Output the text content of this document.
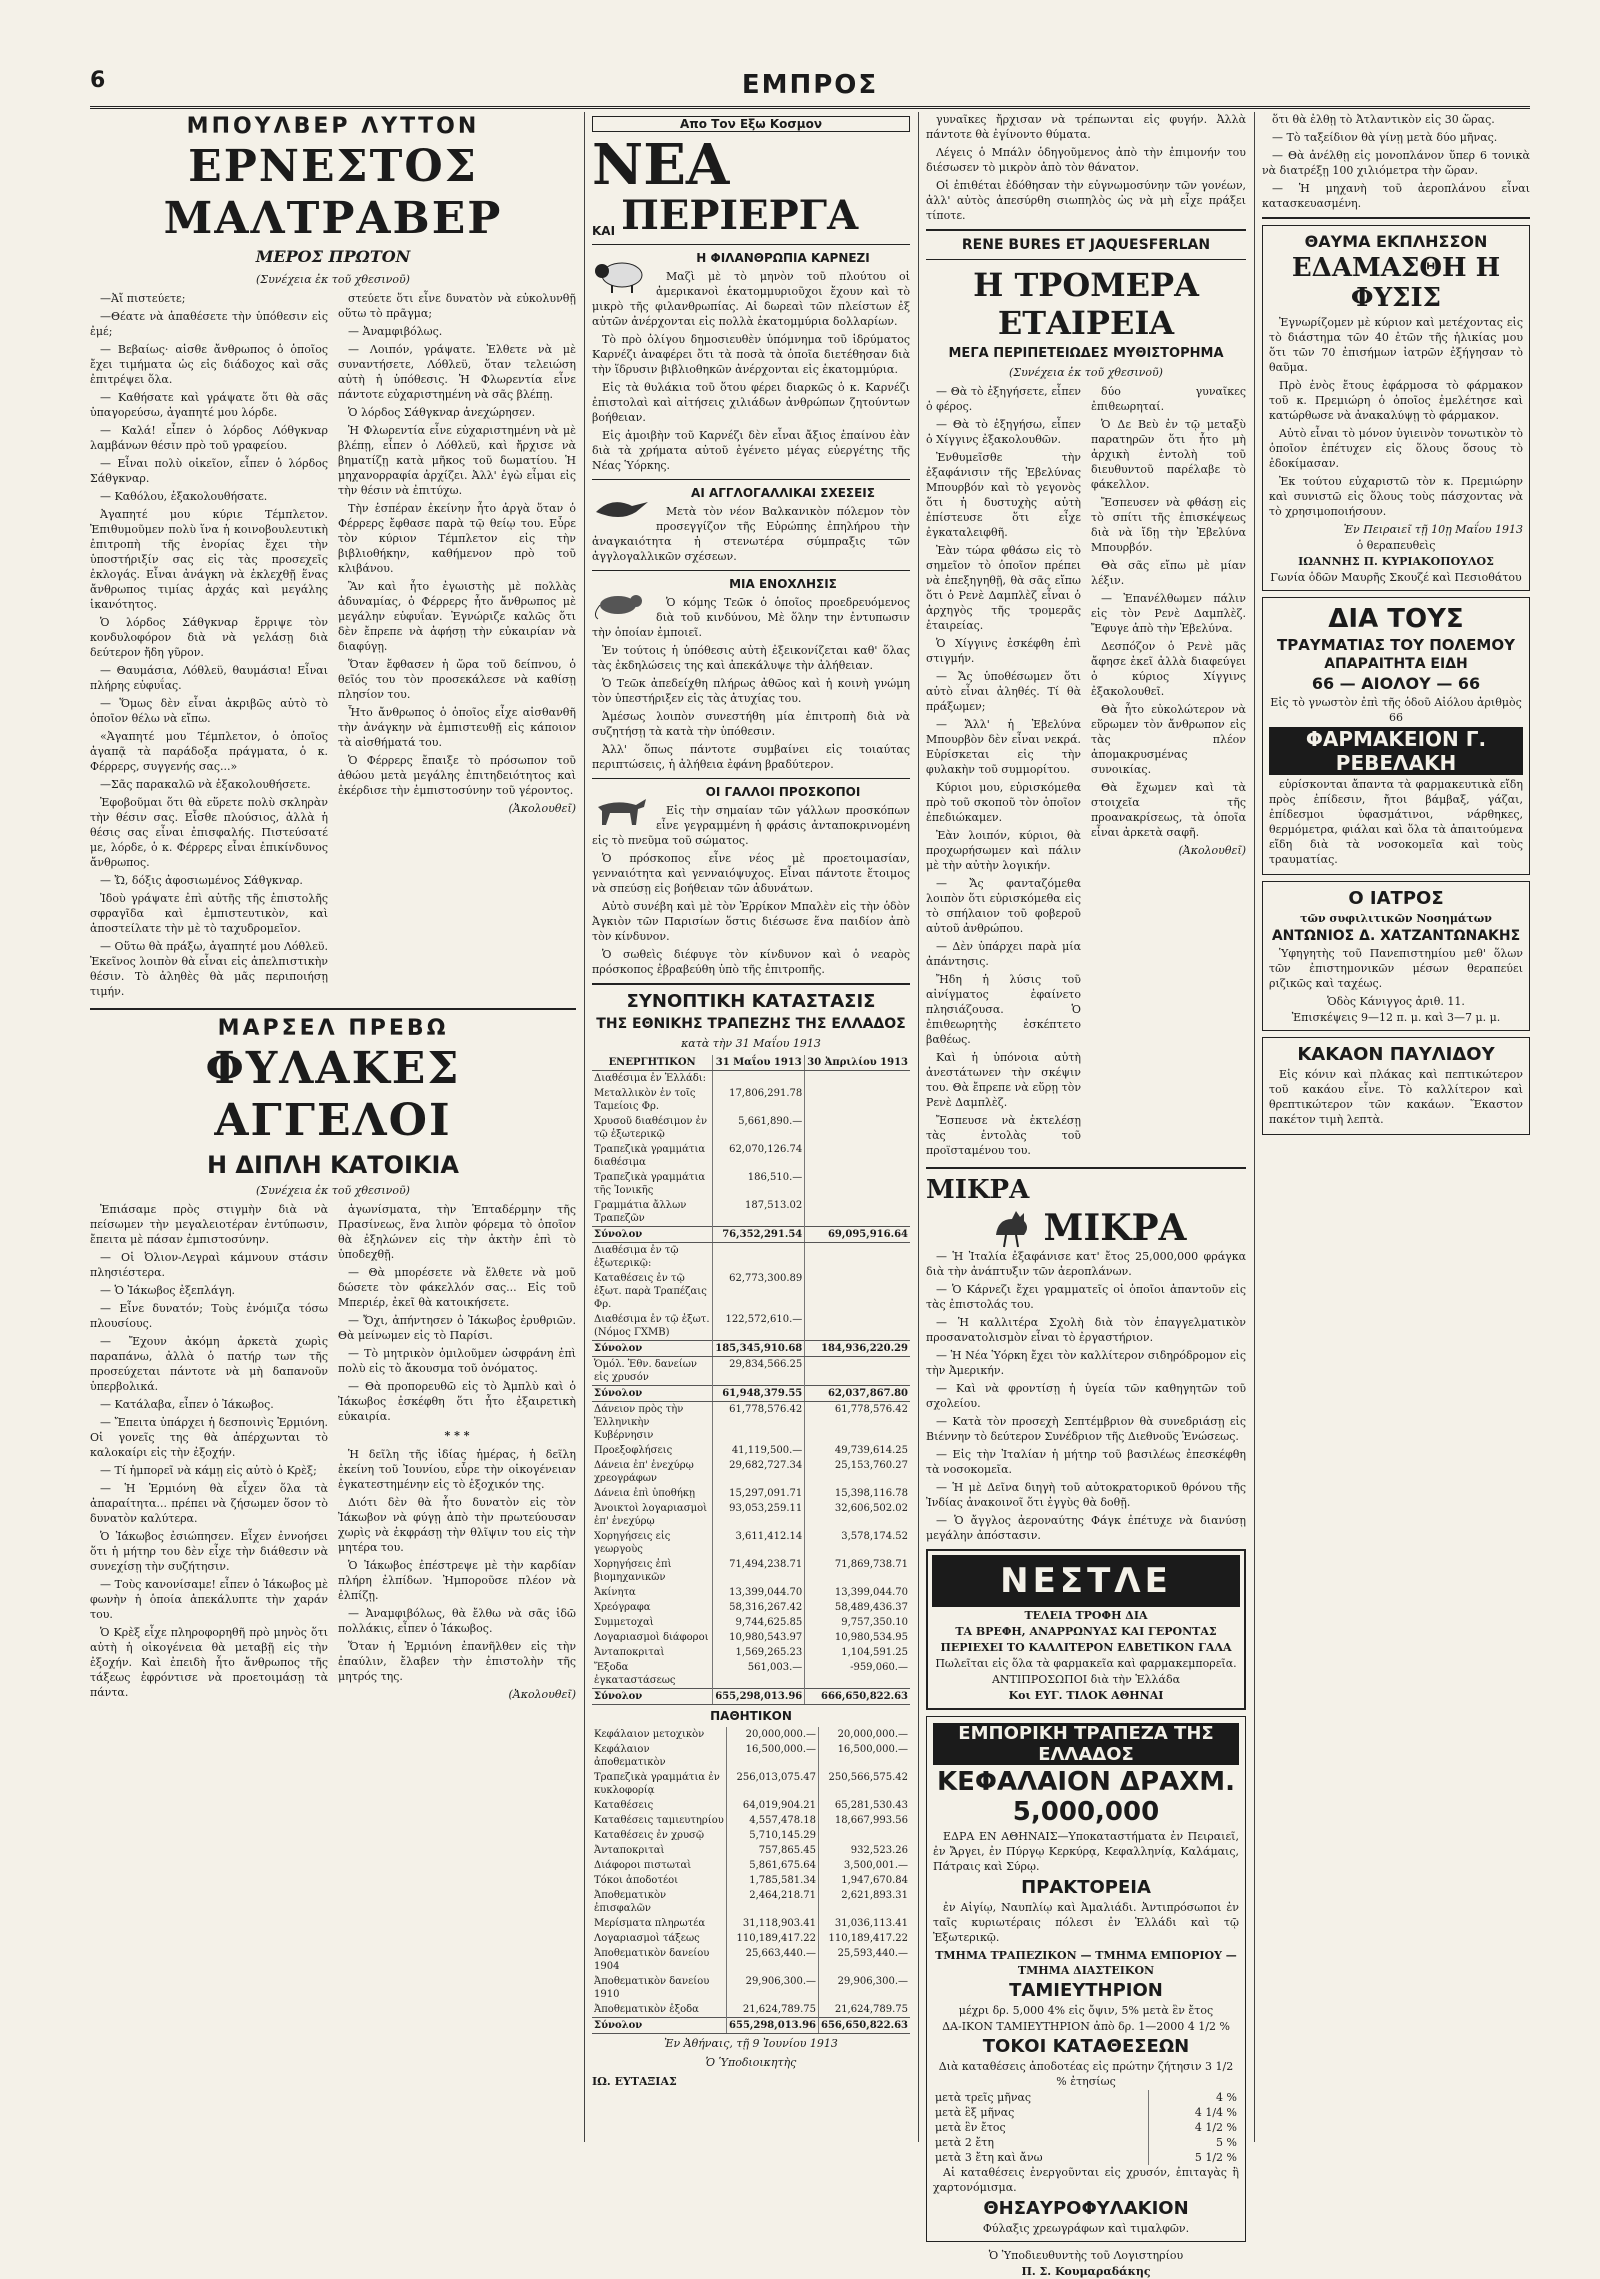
6	ΕΜΠΡΟΣ
ΜΠΟΥΛΒΕΡ ΛΥΤΤΟΝ
ΕΡΝΕΣΤΟΣ ΜΑΛΤΡΑΒΕΡ
ΜΕΡΟΣ ΠΡΩΤΟΝ
(Συνέχεια ἐκ τοῦ χθεσινοῦ)

—Ἀἴ πιστεύετε;

—Θέατε νὰ ἀπαθέσετε τὴν ὑπόθεσιν εἰς ἐμέ;

— Βεβαίως· αἰσθε ἄνθρωπος ὁ ὁποῖος ἔχει τιμήματα ὡς εἰς διάδοχος καὶ σᾶς ἐπιτρέψει ὅλα.

— Καθήσατε καὶ γράψατε ὅτι θὰ σᾶς ὑπαγορεύσω, ἀγαπητέ μου λόρδε.

— Καλά! εἶπεν ὁ λόρδος Λόθγκναρ λαμβάνων θέσιν πρὸ τοῦ γραφείου.

— Εἶναι πολὺ οἰκεῖον, εἶπεν ὁ λόρδος Σάθγκναρ.

— Καθόλου, ἐξακολουθήσατε.

Ἀγαπητέ μου κύριε Τέμπλετον. Ἐπιθυμοῦμεν πολὺ ἵνα ἡ κοινοβουλευτικὴ ἐπιτροπὴ τῆς ἐνορίας ἔχει τὴν ὑποστήριξίν σας εἰς τὰς προσεχεῖς ἐκλογάς. Εἶναι ἀνάγκη νὰ ἐκλεχθῇ ἕνας ἄνθρωπος τιμίας ἀρχάς καὶ μεγάλης ἱκανότητος.

Ὁ λόρδος Σάθγκναρ ἔρριψε τὸν κονδυλοφόρον διὰ νὰ γελάσῃ διὰ δεύτερον ἤδη γῦρον.

— Θαυμάσια, Λόθλεϋ, θαυμάσια! Εἶναι πλήρης εὐφυΐας.

— Ὅμως δὲν εἶναι ἀκριβῶς αὐτὸ τὸ ὁποῖον θέλω νὰ εἴπω.

«Ἀγαπητέ μου Τέμπλετον, ὁ ὁποῖος ἀγαπᾷ τὰ παράδοξα πράγματα, ὁ κ. Φέρρερς, συγγενής σας...»

—Σᾶς παρακαλῶ νὰ ἐξακολουθήσετε.

Ἐφοβοῦμαι ὅτι θὰ εὕρετε πολὺ σκληρὰν τὴν θέσιν σας. Εἶσθε πλούσιος, ἀλλὰ ἡ θέσις σας εἶναι ἐπισφαλής. Πιστεύσατέ με, λόρδε, ὁ κ. Φέρρερς εἶναι ἐπικίνδυνος ἄνθρωπος.

— Ὤ, δόξις ἀφοσιωμένος Σάθγκναρ.

Ἰδοὺ γράψατε ἐπὶ αὐτῆς τῆς ἐπιστολῆς σφραγῖδα καὶ ἐμπιστευτικὸν, καὶ ἀποστείλατε τὴν μὲ τὸ ταχυδρομεῖον.

— Οὕτω θὰ πράξω, ἀγαπητέ μου Λόθλεϋ. Ἐκεῖνος λοιπὸν θὰ εἶναι εἰς ἀπελπιστικὴν θέσιν. Τὸ ἀληθὲς θὰ μᾶς περιποιήσῃ τιμήν.

στεύετε ὅτι εἶνε δυνατὸν νὰ εὐκολυνθῇ οὕτω τὸ πρᾶγμα;

— Ἀναμφιβόλως.

— Λοιπόν, γράψατε. Ἐλθετε νὰ μὲ συναντήσετε, Λόθλεϋ, ὅταν τελειώση αὐτὴ ἡ ὑπόθεσις. Ἡ Φλωρεντία εἶνε πάντοτε εὐχαριστημένη νὰ σᾶς βλέπῃ.

Ὁ λόρδος Σάθγκναρ ἀνεχώρησεν.

Ἡ Φλωρεντία εἶνε εὐχαριστημένη νὰ μὲ βλέπῃ, εἶπεν ὁ Λόθλεϋ, καὶ ἤρχισε νὰ βηματίζῃ κατὰ μῆκος τοῦ δωματίου. Ἡ μηχανορραφία ἀρχίζει. Ἀλλ' ἐγὼ εἶμαι εἰς τὴν θέσιν νὰ ἐπιτύχω.

Τὴν ἑσπέραν ἐκείνην ἦτο ἀργὰ ὅταν ὁ Φέρρερς ἔφθασε παρὰ τῷ θείῳ του. Εὗρε τὸν κύριον Τέμπλετον εἰς τὴν βιβλιοθήκην, καθήμενον πρὸ τοῦ κλιβάνου.

Ἂν καὶ ἦτο ἐγωιστὴς μὲ πολλὰς ἀδυναμίας, ὁ Φέρρερς ἦτο ἄνθρωπος μὲ μεγάλην εὐφυΐαν. Ἐγνώριζε καλῶς ὅτι δὲν ἔπρεπε νὰ ἀφήσῃ τὴν εὐκαιρίαν νὰ διαφύγῃ.

Ὅταν ἔφθασεν ἡ ὥρα τοῦ δείπνου, ὁ θεῖός του τὸν προσεκάλεσε νὰ καθίσῃ πλησίον του.

Ἦτο ἄνθρωπος ὁ ὁποῖος εἶχε αἰσθανθῆ τὴν ἀνάγκην νὰ ἐμπιστευθῇ εἰς κάποιον τὰ αἰσθήματά του.

Ὁ Φέρρερς ἔπαιξε τὸ πρόσωπον τοῦ ἀθώου μετὰ μεγάλης ἐπιτηδειότητος καὶ ἐκέρδισε τὴν ἐμπιστοσύνην τοῦ γέροντος.

(Ἀκολουθεῖ)
ΜΑΡΣΕΛ ΠΡΕΒΩ
ΦΥΛΑΚΕΣ ΑΓΓΕΛΟΙ
Η ΔΙΠΛΗ ΚΑΤΟΙΚΙΑ
(Συνέχεια ἐκ τοῦ χθεσινοῦ)

Ἐπιάσαμε πρὸς στιγμὴν διὰ νὰ πείσωμεν τὴν μεγαλειοτέραν ἐντύπωσιν, ἔπειτα μὲ πάσαν ἐμπιστοσύνην.

— Οἱ Ὀλιον-Λεγραὶ κάμνουν στάσιν πλησιέστερα.

— Ὁ Ἰάκωβος ἐξεπλάγη.

— Εἶνε δυνατόν; Τοὺς ἐνόμιζα τόσω πλουσίους.

— Ἔχουν ἀκόμη ἀρκετὰ χωρὶς παραπάνω, ἀλλὰ ὁ πατήρ των τῆς προσεύχεται πάντοτε νὰ μὴ δαπανοῦν ὑπερβολικά.

— Κατάλαβα, εἶπεν ὁ Ἰάκωβος.

— Ἔπειτα ὑπάρχει ἡ δεσποινὶς Ἑρμιόνη. Οἱ γονεῖς της θὰ ἀπέρχωνται τὸ καλοκαίρι εἰς τὴν ἐξοχήν.

— Τί ἠμπορεῖ νὰ κάμῃ εἰς αὐτὸ ὁ Κρὲξ;

— Ἡ Ἑρμιόνη θὰ εἶχεν ὅλα τὰ ἀπαραίτητα... πρέπει νὰ ζήσωμεν ὅσον τὸ δυνατὸν καλύτερα.

Ὁ Ἰάκωβος ἐσιώπησεν. Εἶχεν ἐννοήσει ὅτι ἡ μήτηρ του δὲν εἶχε τὴν διάθεσιν νὰ συνεχίσῃ τὴν συζήτησιν.

— Τοὺς κανονίσαμε! εἶπεν ὁ Ἰάκωβος μὲ φωνὴν ἡ ὁποία ἀπεκάλυπτε τὴν χαράν του.

Ὁ Κρὲξ εἶχε πληροφορηθῆ πρὸ μηνὸς ὅτι αὐτὴ ἡ οἰκογένεια θὰ μεταβῇ εἰς τὴν ἐξοχήν. Καὶ ἐπειδὴ ἦτο ἄνθρωπος τῆς τάξεως ἐφρόντισε νὰ προετοιμάσῃ τὰ πάντα.

ἀγωνίσματα, τὴν Ἑπταδέρμην τῆς Πρασίνεως, ἕνα λιπὸν φόρεμα τὸ ὁποῖον θὰ ἐξηλώνεν εἰς τὴν ἀκτὴν ἐπὶ τὸ ὑποδεχθῇ.

— Θὰ μπορέσετε νὰ ἔλθετε νὰ μοῦ δώσετε τὸν φάκελλόν σας... Εἰς τοῦ Μπεριέρ, ἐκεῖ θὰ κατοικήσετε.

— Ὄχι, ἀπήντησεν ὁ Ἰάκωβος ἐρυθριῶν. Θὰ μείνωμεν εἰς τὸ Παρίσι.

— Τὸ μητρικὸν ὁμιλοῦμεν ὡσφράνη ἐπὶ πολὺ εἰς τὸ ἄκουσμα τοῦ ὀνόματος.

— Θὰ προπορευθῶ εἰς τὸ Ἀμπλὺ καὶ ὁ Ἰάκωβος ἐσκέφθη ὅτι ἦτο ἐξαιρετικὴ εὐκαιρία.

* * *

Ἡ δεῖλη τῆς ἰδίας ἡμέρας, ἡ δεῖλη ἐκείνη τοῦ Ἰουνίου, εὗρε τὴν οἰκογένειαν ἐγκατεστημένην εἰς τὸ ἐξοχικόν της.

Διότι δὲν θὰ ἦτο δυνατὸν εἰς τὸν Ἰάκωβον νὰ φύγῃ ἀπὸ τὴν πρωτεύουσαν χωρὶς νὰ ἐκφράσῃ τὴν θλῖψιν του εἰς τὴν μητέρα του.

Ὁ Ἰάκωβος ἐπέστρεψε μὲ τὴν καρδίαν πλήρη ἐλπίδων. Ἠμποροῦσε πλέον νὰ ἐλπίζῃ.

— Ἀναμφιβόλως, θὰ ἔλθω νὰ σᾶς ἰδῶ πολλάκις, εἶπεν ὁ Ἰάκωβος.

Ὅταν ἡ Ἑρμιόνη ἐπανῆλθεν εἰς τὴν ἐπαύλιν, ἔλαβεν τὴν ἐπιστολὴν τῆς μητρός της.

(Ἀκολουθεῖ)
Απο Τον Εξω Κοσμον
ΝΕΑ
ΚΑΙ ΠΕΡΙΕΡΓΑ
Η ΦΙΛΑΝΘΡΩΠΙΑ ΚΑΡΝΕΖΙ

Μαζὶ μὲ τὸ μηνὸν τοῦ πλούτου οἱ ἀμερικανοὶ ἑκατομμυριοῦχοι ἔχουν καὶ τὸ μικρὸ τῆς φιλανθρωπίας. Αἱ δωρεαὶ τῶν πλείστων ἐξ αὐτῶν ἀνέρχονται εἰς πολλὰ ἑκατομμύρια δολλαρίων.

Τὸ πρὸ ὀλίγου δημοσιευθὲν ὑπόμνημα τοῦ ἱδρύματος Καρνέζι ἀναφέρει ὅτι τὰ ποσὰ τὰ ὁποῖα διετέθησαν διὰ τὴν ἵδρυσιν βιβλιοθηκῶν ἀνέρχονται εἰς ἑκατομμύρια.

Εἰς τὰ θυλάκια τοῦ ὅτου φέρει διαρκῶς ὁ κ. Καρνέζι ἐπιστολαὶ καὶ αἰτήσεις χιλιάδων ἀνθρώπων ζητούντων βοήθειαν.

Εἰς ἀμοιβὴν τοῦ Καρνέζι δὲν εἶναι ἄξιος ἐπαίνου ἐὰν διὰ τὰ χρήματα αὐτοῦ ἐγένετο μέγας εὐεργέτης τῆς Νέας Ὑόρκης.

ΑΙ ΑΓΓΛΟΓΑΛΛΙΚΑΙ ΣΧΕΣΕΙΣ

Μετὰ τὸν νέον Βαλκανικὸν πόλεμον τὸν προσεγγίζον τῆς Εὐρώπης ἐπηλήρου τὴν ἀναγκαιότητα ἡ στενωτέρα σύμπραξις τῶν ἀγγλογαλλικῶν σχέσεων.

ΜΙΑ ΕΝΟΧΛΗΣΙΣ

Ὁ κόμης Τεῶκ ὁ ὁποῖος προεδρευόμενος διὰ τοῦ κινδύνου, Μὲ ὅλην την ἐντυπωσιν τὴν ὁποίαν ἐμποιεῖ.

Ἐν τούτοις ἡ ὑπόθεσις αὐτὴ ἐξεικονίζεται καθ' ὅλας τὰς ἐκδηλώσεις της καὶ ἀπεκάλυψε τὴν ἀλήθειαν.

Ὁ Τεῶκ ἀπεδείχθη πλήρως ἀθῶος καὶ ἡ κοινὴ γνώμη τὸν ὑπεστήριξεν εἰς τὰς ἀτυχίας του.

Ἁμέσως λοιπὸν συνεστήθη μία ἐπιτροπὴ διὰ νὰ συζητήσῃ τὰ κατὰ τὴν ὑπόθεσιν.

Ἀλλ' ὅπως πάντοτε συμβαίνει εἰς τοιαύτας περιπτώσεις, ἡ ἀλήθεια ἐφάνη βραδύτερον.

ΟΙ ΓΑΛΛΟΙ ΠΡΟΣΚΟΠΟΙ

Εἰς τὴν σημαίαν τῶν γάλλων προσκόπων εἶνε γεγραμμένη ἡ φράσις ἀνταποκρινομένη εἰς τὸ πνεῦμα τοῦ σώματος.

Ὁ πρόσκοπος εἶνε νέος μὲ προετοιμασίαν, γενναιότητα καὶ γενναιόψυχος. Εἶναι πάντοτε ἕτοιμος νὰ σπεύσῃ εἰς βοήθειαν τῶν ἀδυνάτων.

Αὐτὸ συνέβη καὶ μὲ τὸν Ἐρρίκον Μπαλὲν εἰς τὴν ὁδὸν Ἀγκιὸν τῶν Παρισίων ὅστις διέσωσε ἕνα παιδίον ἀπὸ τὸν κίνδυνον.

Ὁ σωθεὶς διέφυγε τὸν κίνδυνον καὶ ὁ νεαρὸς πρόσκοπος ἐβραβεύθη ὑπὸ τῆς ἐπιτροπῆς.

ΣΥΝΟΠΤΙΚΗ ΚΑΤΑΣΤΑΣΙΣ
ΤΗΣ ΕΘΝΙΚΗΣ ΤΡΑΠΕΖΗΣ ΤΗΣ ΕΛΛΑΔΟΣ
κατὰ τὴν 31 Μαΐου 1913
ΕΝΕΡΓΗΤΙΚΟΝ	31 Μαΐου 1913	30 Ἀπριλίου 1913
Διαθέσιμα ἐν Ἑλλάδι:		
Μεταλλικὸν ἐν τοῖς Ταμείοις Φρ.	17,806,291.78	
Χρυσοῦ διαθέσιμον ἐν τῷ ἐξωτερικῷ	5,661,890.—	
Τραπεζικὰ γραμμάτια διαθέσιμα	62,070,126.74	
Τραπεζικὰ γραμμάτια τῆς Ἰονικῆς	186,510.—	
Γραμμάτια ἄλλων Τραπεζῶν	187,513.02	
Σύνολον	76,352,291.54	69,095,916.64
Διαθέσιμα ἐν τῷ ἐξωτερικῷ:		
Καταθέσεις ἐν τῷ ἐξωτ. παρὰ Τραπέζαις Φρ.	62,773,300.89	
Διαθέσιμα ἐν τῷ ἐξωτ. (Νόμος ΓΧΜΒ)	122,572,610.—	
Σύνολον	185,345,910.68	184,936,220.29
Ὁμόλ. Ἐθν. δανείων εἰς χρυσόν	29,834,566.25	
Σύνολον	61,948,379.55	62,037,867.80
Δάνειον πρὸς τὴν Ἑλληνικὴν Κυβέρνησιν	61,778,576.42	61,778,576.42
Προεξοφλήσεις	41,119,500.—	49,739,614.25
Δάνεια ἐπ' ἐνεχύρῳ χρεογράφων	29,682,727.34	25,153,760.27
Δάνεια ἐπὶ ὑποθήκῃ	15,297,091.71	15,398,116.78
Ἀνοικτοὶ λογαριασμοὶ ἐπ' ἐνεχύρῳ	93,053,259.11	32,606,502.02
Χορηγήσεις εἰς γεωργοὺς	3,611,412.14	3,578,174.52
Χορηγήσεις ἐπὶ βιομηχανικῶν	71,494,238.71	71,869,738.71
Ἀκίνητα	13,399,044.70	13,399,044.70
Χρεόγραφα	58,316,267.42	58,489,436.37
Συμμετοχαὶ	9,744,625.85	9,757,350.10
Λογαριασμοὶ διάφοροι	10,980,543.97	10,980,534.95
Ἀνταποκριταὶ	1,569,265.23	1,104,591.25
Ἔξοδα ἐγκαταστάσεως	561,003.—	-959,060.—
Σύνολον	655,298,013.96	666,650,822.63
ΠΑΘΗΤΙΚΟΝ
Κεφάλαιον μετοχικὸν	20,000,000.—	20,000,000.—
Κεφάλαιον ἀποθεματικὸν	16,500,000.—	16,500,000.—
Τραπεζικὰ γραμμάτια ἐν κυκλοφορίᾳ	256,013,075.47	250,566,575.42
Καταθέσεις	64,019,904.21	65,281,530.43
Καταθέσεις ταμιευτηρίου	4,557,478.18	18,667,993.56
Καταθέσεις ἐν χρυσῷ	5,710,145.29	
Ἀνταποκριταὶ	757,865.45	932,523.26
Διάφοροι πιστωταὶ	5,861,675.64	3,500,001.—
Τόκοι ἀποδοτέοι	1,785,581.34	1,947,670.84
Ἀποθεματικὸν ἐπισφαλῶν	2,464,218.71	2,621,893.31
Μερίσματα πληρωτέα	31,118,903.41	31,036,113.41
Λογαριασμοὶ τάξεως	110,189,417.22	110,189,417.22
Ἀποθεματικὸν δανείου 1904	25,663,440.—	25,593,440.—
Ἀποθεματικὸν δανείου 1910	29,906,300.—	29,906,300.—
Ἀποθεματικὸν ἐξοδα	21,624,789.75	21,624,789.75
Σύνολον	655,298,013.96	656,650,822.63
Ἐν Ἀθήναις, τῇ 9 Ἰουνίου 1913
Ὁ Ὑποδιοικητὴς
ΙΩ. ΕΥΤΑΞΙΑΣ

γυναῖκες ἤρχισαν νὰ τρέπωνται εἰς φυγήν. Ἀλλὰ πάντοτε θὰ ἐγίνοντο θύματα.

Λέγεις ὁ Μπάλν ὁδηγοῦμενος ἀπὸ τὴν ἐπιμονήν του διέσωσεν τὸ μικρὸν ἀπὸ τὸν θάνατον.

Οἱ ἐπιθέται ἐδόθησαν τὴν εὐγνωμοσύνην τῶν γονέων, ἀλλ' αὐτὸς ἀπεσύρθη σιωπηλὸς ὡς νὰ μὴ εἶχε πράξει τίποτε.

RENE BURES ET JAQUESFERLAN
Η ΤΡΟΜΕΡΑ ΕΤΑΙΡΕΙΑ
ΜΕΓΑ ΠΕΡΙΠΕΤΕΙΩΔΕΣ ΜΥΘΙΣΤΟΡΗΜΑ
(Συνέχεια ἐκ τοῦ χθεσινοῦ)

— Θὰ τὸ ἐξηγήσετε, εἶπεν ὁ φέρος.

— Θὰ τὸ ἐξηγήσω, εἶπεν ὁ Χίγγινς ἐξακολουθῶν.

Ἐνθυμεῖσθε τὴν ἐξαφάνισιν τῆς Ἐβελύνας Μπουρβόν καὶ τὸ γεγονὸς ὅτι ἡ δυστυχὴς αὐτὴ ἐπίστευσε ὅτι εἶχε ἐγκαταλειφθῆ.

Ἐὰν τώρα φθάσω εἰς τὸ σημεῖον τὸ ὁποῖον πρέπει νὰ ἐπεξηγηθῇ, θὰ σᾶς εἴπω ὅτι ὁ Ρενὲ Δαμπλὲζ εἶναι ὁ ἀρχηγὸς τῆς τρομερᾶς ἑταιρείας.

Ὁ Χίγγινς ἐσκέφθη ἐπὶ στιγμήν.

— Ἄς ὑποθέσωμεν ὅτι αὐτὸ εἶναι ἀληθές. Τί θὰ πράξωμεν;

— Ἄλλ' ἡ Ἐβελύνα Μπουρβὸν δὲν εἶναι νεκρά. Εὑρίσκεται εἰς τὴν φυλακὴν τοῦ συμμορίτου.

Κύριοι μου, εὑρισκόμεθα πρὸ τοῦ σκοποῦ τὸν ὁποῖον ἐπεδιώκαμεν.

Ἐὰν λοιπόν, κύριοι, θὰ προχωρήσωμεν καὶ πάλιν μὲ τὴν αὐτὴν λογικήν.

— Ἄς φανταζόμεθα λοιπὸν ὅτι εὑρισκόμεθα εἰς τὸ σπήλαιον τοῦ φοβεροῦ αὐτοῦ ἀνθρώπου.

— Δὲν ὑπάρχει παρὰ μία ἀπάντησις.

Ἤδη ἡ λύσις τοῦ αἰνίγματος ἐφαίνετο πλησιάζουσα. Ὁ ἐπιθεωρητὴς ἐσκέπτετο βαθέως.

Καὶ ἡ ὑπόνοια αὐτὴ ἀνεστάτωνεν τὴν σκέψιν του. Θὰ ἔπρεπε νὰ εὕρῃ τὸν Ρενὲ Δαμπλὲζ.

Ἔσπευσε νὰ ἐκτελέσῃ τὰς ἐντολὰς τοῦ προϊσταμένου του.

δύο γυναῖκες ἐπιθεωρηταί.

Ὁ Δε Βεὺ ἐν τῷ μεταξὺ παρατηρῶν ὅτι ἦτο μὴ ἀρχικὴ ἐντολὴ τοῦ διευθυντοῦ παρέλαβε τὸ φάκελλον.

Ἔσπευσεν νὰ φθάσῃ εἰς τὸ σπίτι τῆς ἐπισκέψεως διὰ νὰ ἴδῃ τὴν Ἐβελύνα Μπουρβόν.

Θὰ σᾶς εἴπω μὲ μίαν λέξιν.

— Ἐπανέλθωμεν πάλιν εἰς τὸν Ρενὲ Δαμπλὲζ. Ἔφυγε ἀπὸ τὴν Ἐβελύνα.

Δεσπόζον ὁ Ρενὲ μᾶς ἄφησε ἐκεῖ ἀλλὰ διαφεύγει ὁ κύριος Χίγγινς ἐξακολουθεῖ.

Θὰ ἦτο εὐκολώτερον νὰ εὕρωμεν τὸν ἄνθρωπον εἰς τὰς πλέον ἀπομακρυσμένας συνοικίας.

Θὰ ἔχωμεν καὶ τὰ στοιχεῖα τῆς προανακρίσεως, τὰ ὁποῖα εἶναι ἀρκετὰ σαφῆ.

(Ἀκολουθεῖ)
ΜΙΚΡΑ
ΜΙΚΡΑ

— Ἡ Ἰταλία ἐξαφάνισε κατ' ἔτος 25,000,000 φράγκα διὰ τὴν ἀνάπτυξιν τῶν ἀεροπλάνων.

— Ὁ Κάρνεζι ἔχει γραμματεῖς οἱ ὁποῖοι ἀπαντοῦν εἰς τὰς ἐπιστολάς του.

— Ἡ καλλιτέρα Σχολὴ διὰ τὸν ἐπαγγελματικὸν προσανατολισμὸν εἶναι τὸ ἐργαστήριον.

— Ἡ Νέα Ὑόρκη ἔχει τὸν καλλίτερον σιδηρόδρομον εἰς τὴν Ἀμερικήν.

— Καὶ νὰ φροντίσῃ ἡ ὑγεία τῶν καθηγητῶν τοῦ σχολείου.

— Κατὰ τὸν προσεχὴ Σεπτέμβριον θὰ συνεδριάσῃ εἰς Βιέννην τὸ δεύτερον Συνέδριον τῆς Διεθνοῦς Ἑνώσεως.

— Εἰς τὴν Ἰταλίαν ἡ μήτηρ τοῦ βασιλέως ἐπεσκέφθη τὰ νοσοκομεῖα.

— Ἡ μὲ Δεῖνα διηγὴ τοῦ αὐτοκρατορικοῦ θρόνου τῆς Ἰνδίας ἀνακοινοῖ ὅτι ἐγγὺς θὰ δοθῇ.

— Ὁ ἄγγλος ἀεροναύτης Φάγκ ἐπέτυχε νὰ διανύσῃ μεγάλην ἀπόστασιν.

ΝΕΣΤΛΕ
ΤΕΛΕΙΑ ΤΡΟΦΗ ΔΙΑ
ΤΑ ΒΡΕΦΗ, ΑΝΑΡΡΩΝΥΑΣ ΚΑΙ ΓΕΡΟΝΤΑΣ
ΠΕΡΙΕΧΕΙ ΤΟ ΚΑΛΛΙΤΕΡΟΝ ΕΛΒΕΤΙΚΟΝ ΓΑΛΑ
Πωλεῖται εἰς ὅλα τὰ φαρμακεῖα καὶ φαρμακεμπορεῖα.
ΑΝΤΙΠΡΟΣΩΠΟΙ διὰ τὴν Ἑλλάδα
Κοι ΕΥΓ. ΤΙΛΟΚ ΑΘΗΝΑΙ
ΕΜΠΟΡΙΚΗ ΤΡΑΠΕΖΑ ΤΗΣ ΕΛΛΑΔΟΣ
ΚΕΦΑΛΑΙΟΝ ΔΡΑΧΜ. 5,000,000

ΕΔΡΑ ΕΝ ΑΘΗΝΑΙΣ—Υποκαταστήματα ἐν Πειραιεῖ, ἐν Ἄργει, ἐν Πύργῳ Κερκύρᾳ, Κεφαλληνίᾳ, Καλάμαις, Πάτραις καὶ Σύρῳ.

ΠΡΑΚΤΟΡΕΙΑ

ἐν Αἰγίῳ, Ναυπλίῳ καὶ Ἀμαλιάδι. Ἀντιπρόσωποι ἐν ταῖς κυριωτέραις πόλεσι ἐν Ἑλλάδι καὶ τῷ Ἐξωτερικῷ.

ΤΜΗΜΑ ΤΡΑΠΕΖΙΚΟΝ — ΤΜΗΜΑ ΕΜΠΟΡΙΟΥ — ΤΜΗΜΑ ΔΙΑΣΤΕΙΚΟΝ
ΤΑΜΙΕΥΤΗΡΙΟΝ
μέχρι δρ. 5,000 4% εἰς ὄψιν, 5% μετὰ ἓν ἔτος
ΔΑ-ΙΚΟΝ ΤΑΜΙΕΥΤΗΡΙΟΝ ἀπὸ δρ. 1—2000 4 1/2 %
ΤΟΚΟΙ ΚΑΤΑΘΕΣΕΩΝ
Διὰ καταθέσεις ἀποδοτέας εἰς πρώτην ζήτησιν 3 1/2 % ἐτησίως
μετὰ τρεῖς μῆνας	4 %
μετὰ ἓξ μῆνας	4 1/4 %
μετὰ ἓν ἔτος	4 1/2 %
μετὰ 2 ἔτη	5 %
μετὰ 3 ἔτη καὶ ἄνω	5 1/2 %

Αἱ καταθέσεις ἐνεργοῦνται εἰς χρυσόν, ἐπιταγὰς ἢ χαρτονόμισμα.

ΘΗΣΑΥΡΟΦΥΛΑΚΙΟΝ
Φύλαξις χρεωγράφων καὶ τιμαλφῶν.
Ὁ Ὑποδιευθυντὴς τοῦ Λογιστηρίου
Π. Σ. Κουμαραδάκης

ὅτι θὰ ἐλθῃ τὸ Ἀτλαντικὸν εἰς 30 ὥρας.

— Τὸ ταξείδιον θὰ γίνῃ μετὰ δύο μῆνας.

— Θὰ ἀνέλθῃ εἰς μονοπλάνον ὕπερ 6 τονικὰ νὰ διατρέξῃ 100 χιλιόμετρα τὴν ὥραν.

— Ἡ μηχανὴ τοῦ ἀεροπλάνου εἶναι κατασκευασμένη.

ΘΑΥΜΑ ΕΚΠΛΗΣΣΟΝ
ΕΔΑΜΑΣΘΗ Η ΦΥΣΙΣ

Ἐγνωρίζομεν μὲ κύριον καὶ μετέχοντας εἰς τὸ διάστημα τῶν 40 ἐτῶν τῆς ἡλικίας μου ὅτι τῶν 70 ἐπισήμων ἰατρῶν ἐξήγησαν τὸ θαῦμα.

Πρὸ ἐνὸς ἔτους ἐφάρμοσα τὸ φάρμακον τοῦ κ. Πρεμιώρη ὁ ὁποῖος ἐμελέτησε καὶ κατώρθωσε νὰ ἀνακαλύψῃ τὸ φάρμακον.

Αὐτὸ εἶναι τὸ μόνον ὑγιεινὸν τονωτικὸν τὸ ὁποῖον ἐπέτυχεν εἰς ὅλους ὅσους τὸ ἐδοκίμασαν.

Ἐκ τούτου εὐχαριστῶ τὸν κ. Πρεμιώρην καὶ συνιστῶ εἰς ὅλους τοὺς πάσχοντας νὰ τὸ χρησιμοποιήσουν.

Ἐν Πειραιεῖ τῇ 10ῃ Μαΐου 1913
ὁ θεραπευθεὶς
ΙΩΑΝΝΗΣ Π. ΚΥΡΙΑΚΟΠΟΥΛΟΣ
Γωνία ὁδῶν Μαυρῆς Σκουζέ καὶ Πεσιοθάτου
ΔΙΑ ΤΟΥΣ
ΤΡΑΥΜΑΤΙΑΣ ΤΟΥ ΠΟΛΕΜΟΥ
ΑΠΑΡΑΙΤΗΤΑ ΕΙΔΗ
66 — ΑΙΟΛΟΥ — 66
Εἰς τὸ γνωστὸν ἐπὶ τῆς ὁδοῦ Αἰόλου ἀριθμὸς 66
ΦΑΡΜΑΚΕΙΟΝ Γ. ΡΕΒΕΛΑΚΗ

εὑρίσκονται ἄπαντα τὰ φαρμακευτικὰ εἴδη πρὸς ἐπίδεσιν, ἤτοι βάμβαξ, γάζαι, ἐπίδεσμοι ὑφασμάτινοι, νάρθηκες, θερμόμετρα, φιάλαι καὶ ὅλα τὰ ἀπαιτούμενα εἴδη διὰ τὰ νοσοκομεῖα καὶ τοὺς τραυματίας.

Ο ΙΑΤΡΟΣ
τῶν συφιλιτικῶν Νοσημάτων
ΑΝΤΩΝΙΟΣ Δ. ΧΑΤΖΑΝΤΩΝΑΚΗΣ

Ὑφηγητὴς τοῦ Πανεπιστημίου μεθ' ὅλων τῶν ἐπιστημονικῶν μέσων θεραπεύει ριζικῶς καὶ ταχέως.

Ὁδὸς Κάνιγγος ἀριθ. 11.
Ἐπισκέψεις 9—12 π. μ. καὶ 3—7 μ. μ.
ΚΑΚΑΟΝ ΠΑΥΛΙΔΟΥ

Εἰς κόνιν καὶ πλάκας καὶ πεπτικώτερον τοῦ κακάου εἶνε. Τὸ καλλίτερον καὶ θρεπτικώτερον τῶν κακάων. Ἕκαστον πακέτον τιμὴ λεπτὰ.
